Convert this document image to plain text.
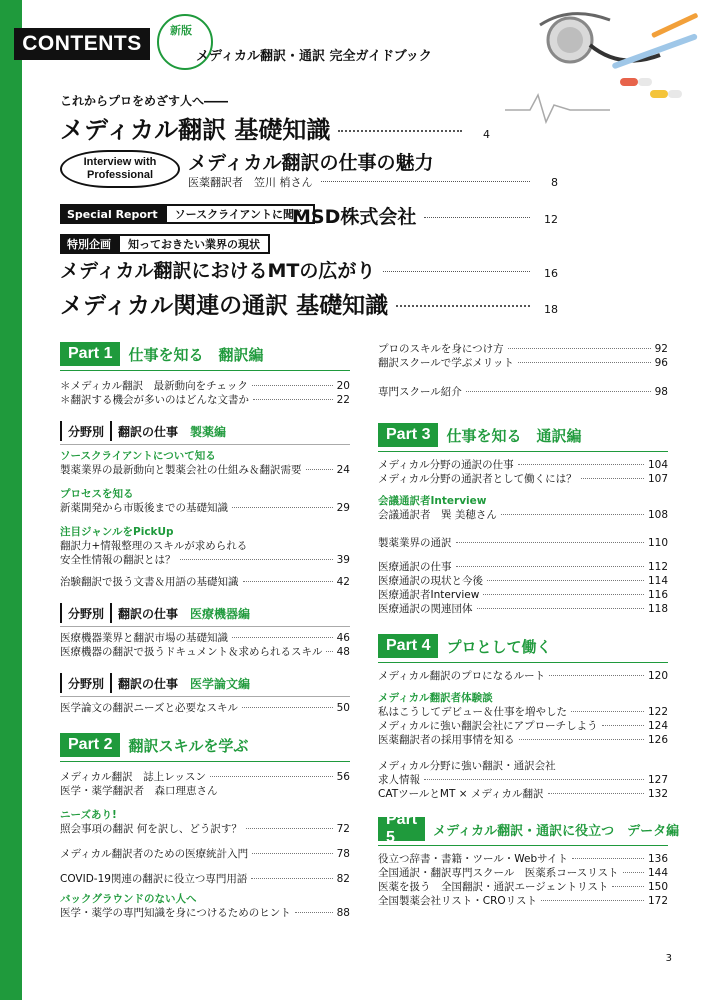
CONTENTS
新版
メディカル翻訳・通訳 完全ガイドブック
これからプロをめざす人へ――
メディカル翻訳 基礎知識	4
Interview with
Professional
メディカル翻訳の仕事の魅力
医薬翻訳者　笠川 梢さん	8
Special Report	ソースクライアントに聞く
MSD株式会社	12
特別企画	知っておきたい業界の現状
メディカル翻訳におけるMTの広がり	16
メディカル関連の通訳 基礎知識	18
Part 1	仕事を知る　翻訳編
＊メディカル翻訳　最新動向をチェック	20
＊翻訳する機会が多いのはどんな文書か	22
分野別 翻訳の仕事 製薬編
ソースクライアントについて知る
製薬業界の最新動向と製薬会社の仕組み＆翻訳需要	24
プロセスを知る
新薬開発から市販後までの基礎知識	29
注目ジャンルをPickUp
翻訳力+情報整理のスキルが求められる
安全性情報の翻訳とは？	39
治験翻訳で扱う文書＆用語の基礎知識	42
分野別 翻訳の仕事 医療機器編
医療機器業界と翻訳市場の基礎知識	46
医療機器の翻訳で扱うドキュメント＆求められるスキル 48
分野別 翻訳の仕事 医学論文編
医学論文の翻訳ニーズと必要なスキル	50
Part 2	翻訳スキルを学ぶ
メディカル翻訳　誌上レッスン	56
医学・薬学翻訳者　森口理恵さん
ニーズあり!
照会事項の翻訳 何を訳し、どう訳す？	72
メディカル翻訳者のための医療統計入門	78
COVID-19関連の翻訳に役立つ専門用語	82
バックグラウンドのない人へ
医学・薬学の専門知識を身につけるためのヒント	88
プロのスキルを身につけ方	92
翻訳スクールで学ぶメリット	96
専門スクール紹介	98
Part 3	仕事を知る　通訳編
メディカル分野の通訳の仕事	104
メディカル分野の通訳者として働くには？	107
会議通訳者Interview
会議通訳者　巽 美穂さん	108
製薬業界の通訳	110
医療通訳の仕事	112
医療通訳の現状と今後	114
医療通訳者Interview	116
医療通訳の関連団体	118
Part 4	プロとして働く
メディカル翻訳のプロになるルート	120
メディカル翻訳者体験談
私はこうしてデビュー＆仕事を増やした	122
メディカルに強い翻訳会社にアプローチしよう	124
医薬翻訳者の採用事情を知る	126
メディカル分野に強い翻訳・通訳会社
求人情報	127
CATツールとMT × メディカル翻訳	132
Part 5	メディカル翻訳・通訳に役立つ　データ編
役立つ辞書・書籍・ツール・Webサイト	136
全国通訳・翻訳専門スクール　医薬系コースリスト	144
医薬を扱う　全国翻訳・通訳エージェントリスト	150
全国製薬会社リスト・CROリスト	172
3
